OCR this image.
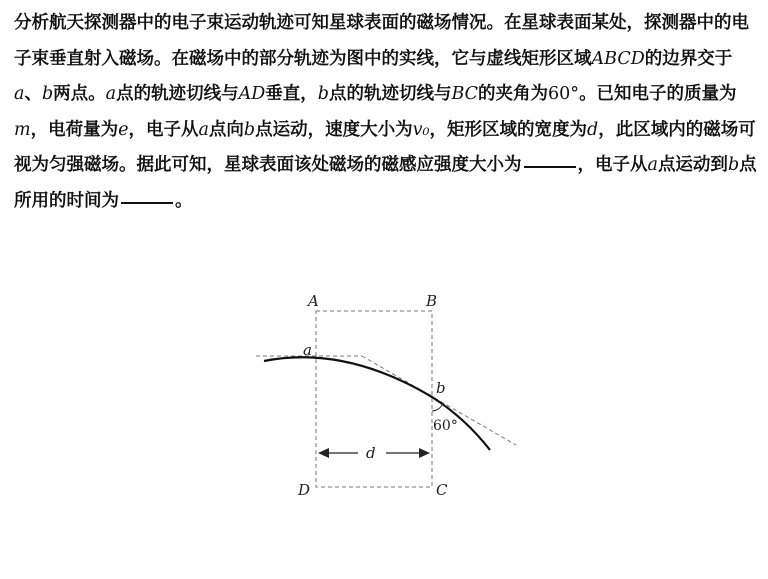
分析航天探测器中的电子束运动轨迹可知星球表面的磁场情况。在星球表面某处，探测器中的电子束垂直射入磁场。在磁场中的部分轨迹为图中的实线，它与虚线矩形区域ABCD的边界交于a、b两点。a点的轨迹切线与AD垂直，b点的轨迹切线与BC的夹角为60°。已知电子的质量为m，电荷量为e，电子从a点向b点运动，速度大小为v₀，矩形区域的宽度为d，此区域内的磁场可视为匀强磁场。据此可知，星球表面该处磁场的磁感应强度大小为	，电子从a点运动到b点所用的时间为	。

A	B
C
D
a
b
d
60°
